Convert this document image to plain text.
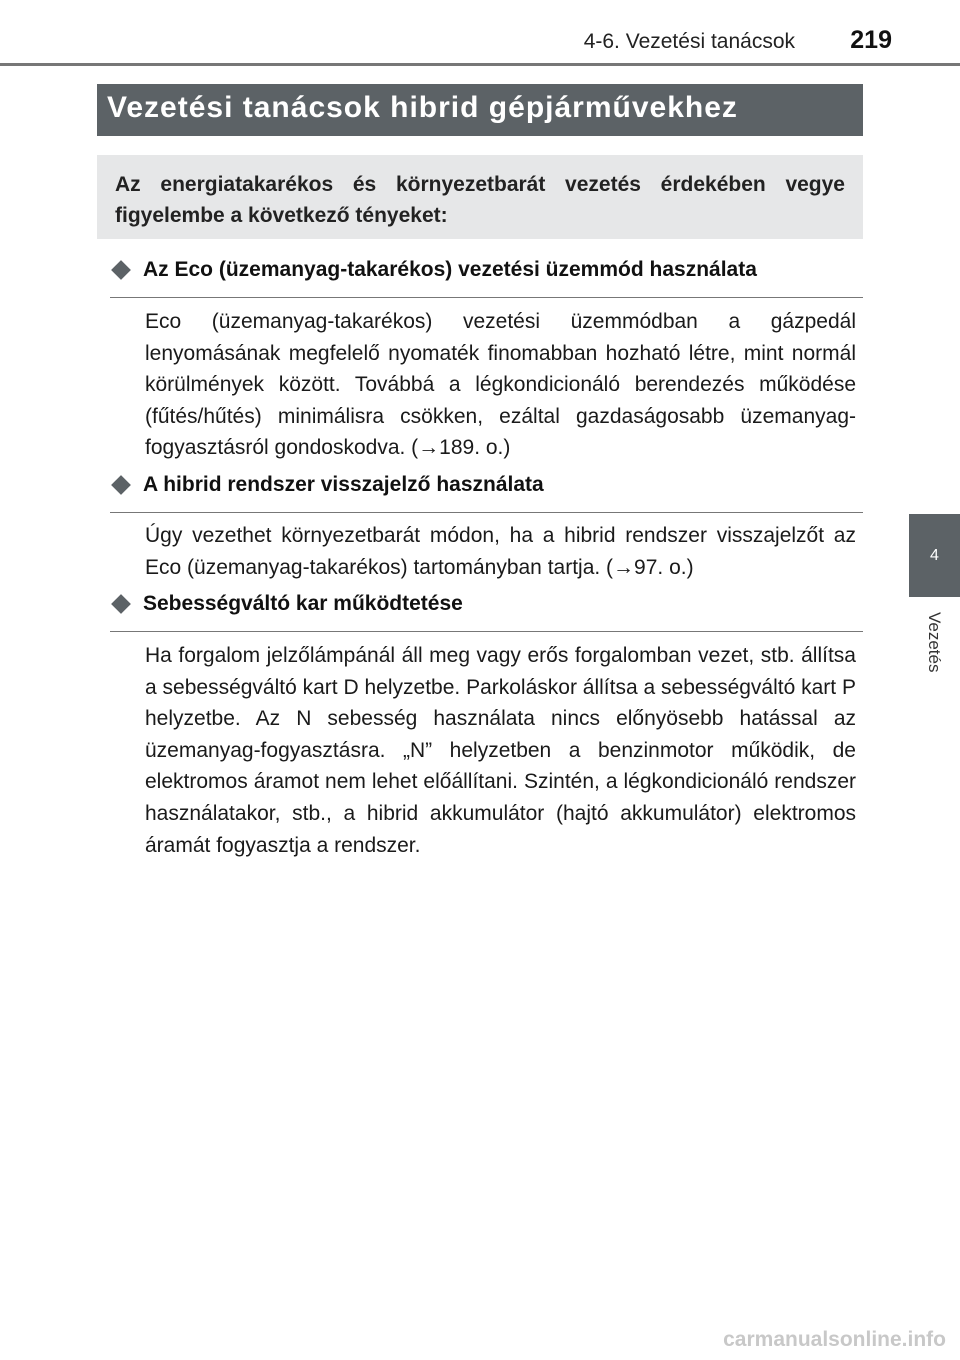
4-6. Vezetési tanácsok 219
Vezetési tanácsok hibrid gépjárművekhez
Az energiatakarékos és környezetbarát vezetés érdekében vegye figyelembe a következő tényeket:
Az Eco (üzemanyag-takarékos) vezetési üzemmód használata

Eco (üzemanyag-takarékos) vezetési üzemmódban a gázpedál lenyomásának megfelelő nyomaték finomabban hozható létre, mint normál körülmények között. Továbbá a légkondicionáló berendezés működése (fűtés/hűtés) minimálisra csökken, ezáltal gazdaságosabb üzemanyag-fogyasztásról gondoskodva. (→189. o.)

A hibrid rendszer visszajelző használata

Úgy vezethet környezetbarát módon, ha a hibrid rendszer visszajelzőt az Eco (üzemanyag-takarékos) tartományban tartja. (→97. o.)

Sebességváltó kar működtetése

Ha forgalom jelzőlámpánál áll meg vagy erős forgalomban vezet, stb. állítsa a sebességváltó kart D helyzetbe. Parkoláskor állítsa a sebességváltó kart P helyzetbe. Az N sebesség használata nincs előnyösebb hatással az üzemanyag-fogyasztásra. „N” helyzetben a benzinmotor működik, de elektromos áramot nem lehet előállítani. Szintén, a légkondicionáló rendszer használatakor, stb., a hibrid akkumulátor (hajtó akkumulátor) elektromos áramát fogyasztja a rendszer.

4
Vezetés
carmanualsonline.info
